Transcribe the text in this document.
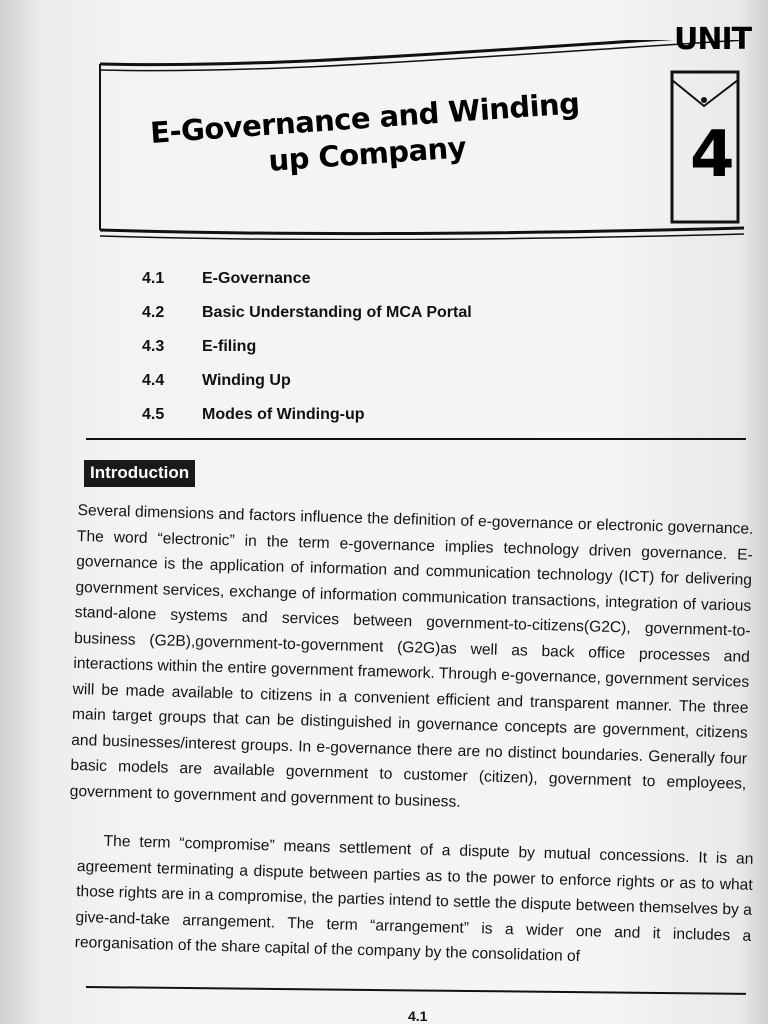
E-Governance and Winding up Company
UNIT
4
4.1	E-Governance
4.2	Basic Understanding of MCA Portal
4.3	E-filing
4.4	Winding Up
4.5	Modes of Winding-up
Introduction
Several dimensions and factors influence the definition of e-governance or electronic governance. The word “electronic” in the term e-governance implies technology driven governance. E-governance is the application of information and communication technology (ICT) for delivering government services, exchange of information communication transactions, integration of various stand-alone systems and services between government-to-citizens(G2C), government-to-business (G2B),government-to-government (G2G)as well as back office processes and interactions within the entire government framework. Through e-governance, government services will be made available to citizens in a convenient efficient and transparent manner. The three main target groups that can be distinguished in governance concepts are government, citizens and businesses/interest groups. In e-governance there are no distinct boundaries. Generally four basic models are available government to customer (citizen), government to employees, government to government and government to business.
The term “compromise” means settlement of a dispute by mutual concessions. It is an agreement terminating a dispute between parties as to the power to enforce rights or as to what those rights are in a compromise, the parties intend to settle the dispute between themselves by a give-and-take arrangement. The term “arrangement” is a wider one and it includes a reorganisation of the share capital of the company by the consolidation of
4.1
